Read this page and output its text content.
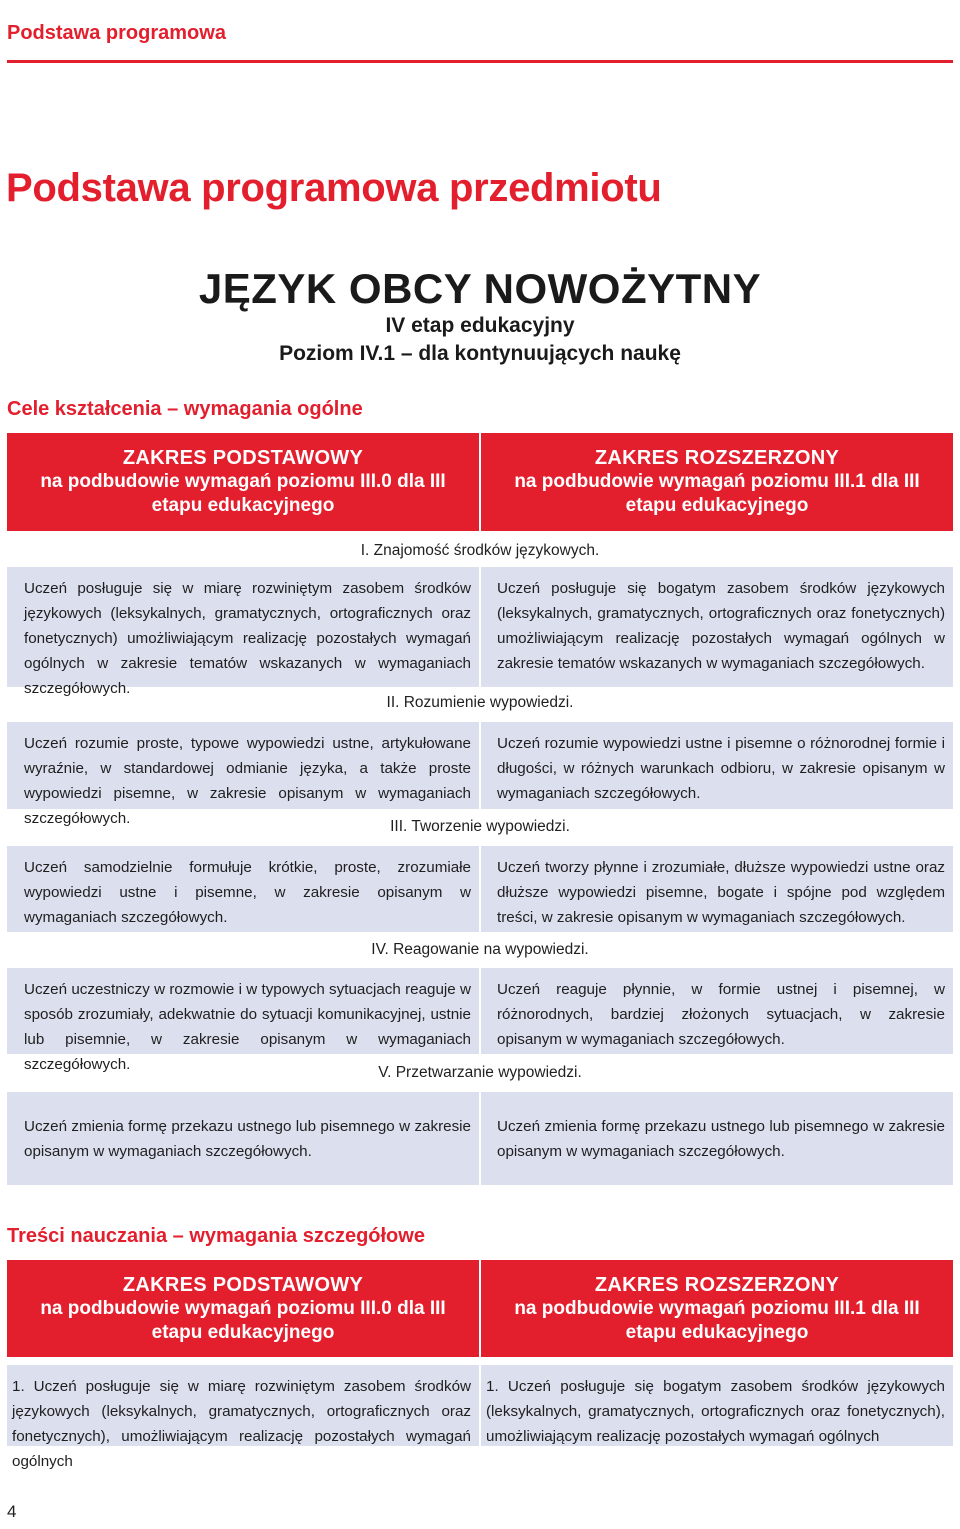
Podstawa programowa
Podstawa programowa przedmiotu
JĘZYK OBCY NOWOŻYTNY
IV etap edukacyjny
Poziom IV.1 – dla kontynuujących naukę
Cele kształcenia – wymagania ogólne
ZAKRES PODSTAWOWY
na podbudowie wymagań poziomu III.0 dla III
etapu edukacyjnego
ZAKRES ROZSZERZONY
na podbudowie wymagań poziomu III.1 dla III
etapu edukacyjnego
I. Znajomość środków językowych.
Uczeń posługuje się w miarę rozwiniętym zasobem środków językowych (leksykalnych, gramatycznych, ortograficznych oraz fonetycznych) umożliwiającym realizację pozostałych wymagań ogólnych w zakresie tematów wskazanych w wymaganiach szczegółowych.
Uczeń posługuje się bogatym zasobem środków językowych (leksykalnych, gramatycznych, ortograficznych oraz fonetycznych) umożliwiającym realizację pozostałych wymagań ogólnych w zakresie tematów wskazanych w wymaganiach szczegółowych.
II. Rozumienie wypowiedzi.
Uczeń rozumie proste, typowe wypowiedzi ustne, artykułowane wyraźnie, w standardowej odmianie języka, a także proste wypowiedzi pisemne, w zakresie opisanym w wymaganiach szczegółowych.
Uczeń rozumie wypowiedzi ustne i pisemne o różnorodnej formie i długości, w różnych warunkach odbioru, w zakresie opisanym w wymaganiach szczegółowych.
III. Tworzenie wypowiedzi.
Uczeń samodzielnie formułuje krótkie, proste, zrozumiałe wypowiedzi ustne i pisemne, w zakresie opisanym w wymaganiach szczegółowych.
Uczeń tworzy płynne i zrozumiałe, dłuższe wypowiedzi ustne oraz dłuższe wypowiedzi pisemne, bogate i spójne pod względem treści, w zakresie opisanym w wymaganiach szczegółowych.
IV. Reagowanie na wypowiedzi.
Uczeń uczestniczy w rozmowie i w typowych sytuacjach reaguje w sposób zrozumiały, adekwatnie do sytuacji komunikacyjnej, ustnie lub pisemnie, w zakresie opisanym w wymaganiach szczegółowych.
Uczeń reaguje płynnie, w formie ustnej i pisemnej, w różnorodnych, bardziej złożonych sytuacjach, w zakresie opisanym w wymaganiach szczegółowych.
V. Przetwarzanie wypowiedzi.
Uczeń zmienia formę przekazu ustnego lub pisemnego w zakresie opisanym w wymaganiach szczegółowych.
Uczeń zmienia formę przekazu ustnego lub pisemnego w zakresie opisanym w wymaganiach szczegółowych.
Treści nauczania – wymagania szczegółowe
ZAKRES PODSTAWOWY
na podbudowie wymagań poziomu III.0 dla III
etapu edukacyjnego
ZAKRES ROZSZERZONY
na podbudowie wymagań poziomu III.1 dla III
etapu edukacyjnego
1. Uczeń posługuje się w miarę rozwiniętym zasobem środków językowych (leksykalnych, gramatycznych, ortograficznych oraz fonetycznych), umożliwiającym realizację pozostałych wymagań ogólnych
1. Uczeń posługuje się bogatym zasobem środków językowych (leksykalnych, gramatycznych, ortograficznych oraz fonetycznych), umożliwiającym realizację pozostałych wymagań ogólnych
4
